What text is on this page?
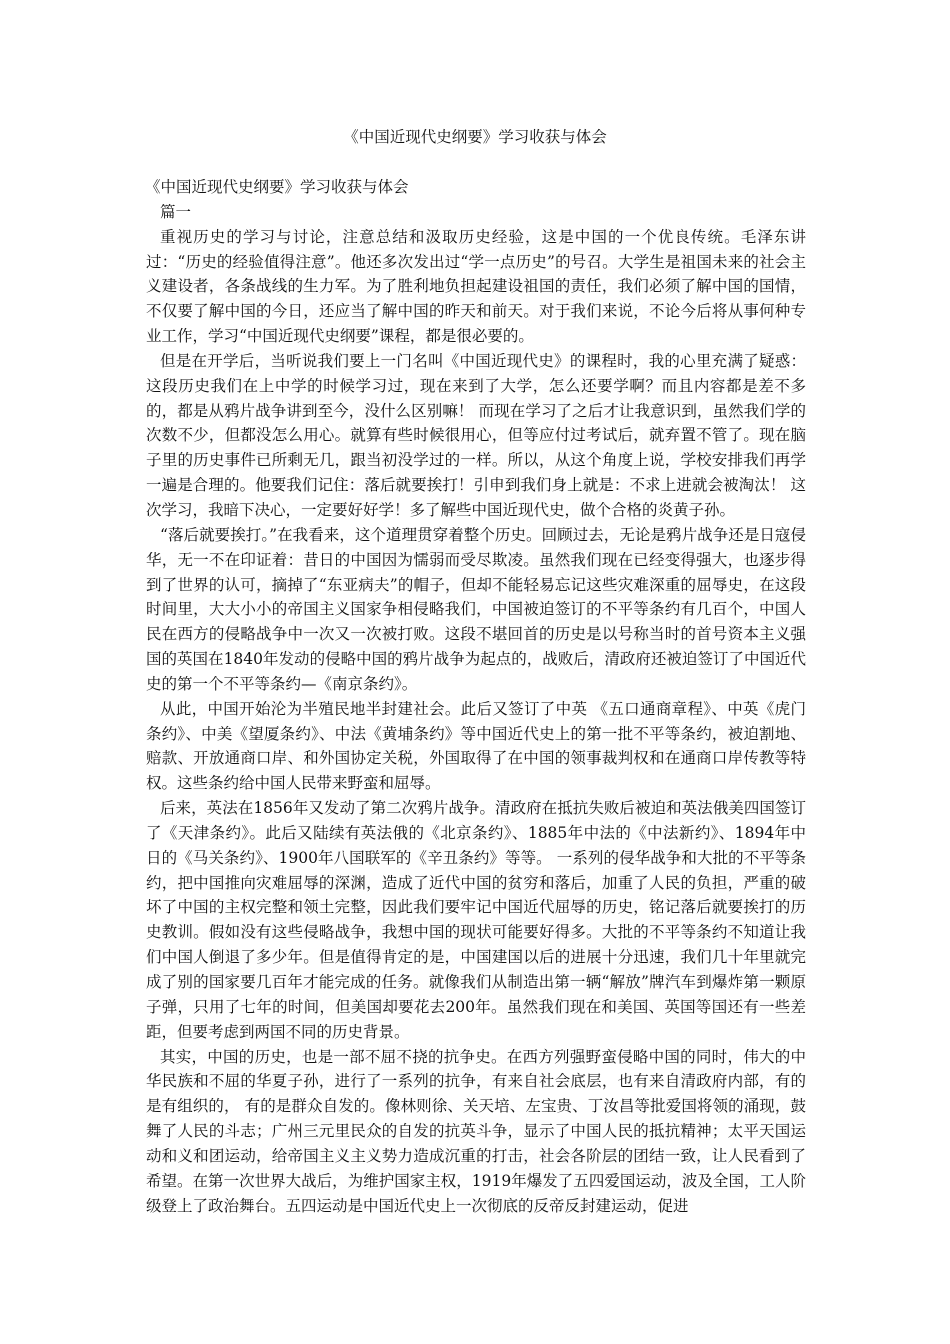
《中国近现代史纲要》学习收获与体会

《中国近现代史纲要》学习收获与体会

篇一

重视历史的学习与讨论，注意总结和汲取历史经验，这是中国的一个优良传统。毛泽东讲过：“历史的经验值得注意”。他还多次发出过“学一点历史”的号召。大学生是祖国未来的社会主义建设者，各条战线的生力军。为了胜利地负担起建设祖国的责任，我们必须了解中国的国情，不仅要了解中国的今日，还应当了解中国的昨天和前天。对于我们来说，不论今后将从事何种专业工作，学习“中国近现代史纲要”课程，都是很必要的。

但是在开学后，当听说我们要上一门名叫《中国近现代史》的课程时，我的心里充满了疑惑：这段历史我们在上中学的时候学习过，现在来到了大学，怎么还要学啊？而且内容都是差不多的，都是从鸦片战争讲到至今，没什么区别嘛！ 而现在学习了之后才让我意识到，虽然我们学的次数不少，但都没怎么用心。就算有些时候很用心，但等应付过考试后，就弃置不管了。现在脑子里的历史事件已所剩无几，跟当初没学过的一样。所以，从这个角度上说，学校安排我们再学一遍是合理的。他要我们记住：落后就要挨打！引申到我们身上就是：不求上进就会被淘汰！ 这次学习，我暗下决心，一定要好好学！多了解些中国近现代史，做个合格的炎黄子孙。

“落后就要挨打。”在我看来，这个道理贯穿着整个历史。回顾过去，无论是鸦片战争还是日寇侵华，无一不在印证着：昔日的中国因为懦弱而受尽欺凌。虽然我们现在已经变得强大，也逐步得到了世界的认可，摘掉了“东亚病夫”的帽子，但却不能轻易忘记这些灾难深重的屈辱史，在这段时间里，大大小小的帝国主义国家争相侵略我们，中国被迫签订的不平等条约有几百个，中国人民在西方的侵略战争中一次又一次被打败。这段不堪回首的历史是以号称当时的首号资本主义强国的英国在1840年发动的侵略中国的鸦片战争为起点的，战败后，清政府还被迫签订了中国近代史的第一个不平等条约—《南京条约》。

从此，中国开始沦为半殖民地半封建社会。此后又签订了中英 《五口通商章程》、中英《虎门条约》、中美《望厦条约》、中法《黄埔条约》等中国近代史上的第一批不平等条约，被迫割地、赔款、开放通商口岸、和外国协定关税，外国取得了在中国的领事裁判权和在通商口岸传教等特权。这些条约给中国人民带来野蛮和屈辱。

后来，英法在1856年又发动了第二次鸦片战争。清政府在抵抗失败后被迫和英法俄美四国签订了《天津条约》。此后又陆续有英法俄的《北京条约》、1885年中法的《中法新约》、1894年中日的《马关条约》、1900年八国联军的《辛丑条约》等等。 一系列的侵华战争和大批的不平等条约，把中国推向灾难屈辱的深渊，造成了近代中国的贫穷和落后，加重了人民的负担，严重的破坏了中国的主权完整和领土完整，因此我们要牢记中国近代屈辱的历史，铭记落后就要挨打的历史教训。假如没有这些侵略战争，我想中国的现状可能要好得多。大批的不平等条约不知道让我们中国人倒退了多少年。但是值得肯定的是，中国建国以后的进展十分迅速，我们几十年里就完成了别的国家要几百年才能完成的任务。就像我们从制造出第一辆“解放”牌汽车到爆炸第一颗原子弹，只用了七年的时间，但美国却要花去200年。虽然我们现在和美国、英国等国还有一些差距，但要考虑到两国不同的历史背景。

其实，中国的历史，也是一部不屈不挠的抗争史。在西方列强野蛮侵略中国的同时，伟大的中华民族和不屈的华夏子孙，进行了一系列的抗争，有来自社会底层，也有来自清政府内部，有的是有组织的， 有的是群众自发的。像林则徐、关天培、左宝贵、丁汝昌等批爱国将领的涌现，鼓舞了人民的斗志；广州三元里民众的自发的抗英斗争，显示了中国人民的抵抗精神；太平天国运动和义和团运动，给帝国主义主义势力造成沉重的打击，社会各阶层的团结一致，让人民看到了希望。在第一次世界大战后，为维护国家主权，1919年爆发了五四爱国运动，波及全国，工人阶级登上了政治舞台。五四运动是中国近代史上一次彻底的反帝反封建运动，促进
